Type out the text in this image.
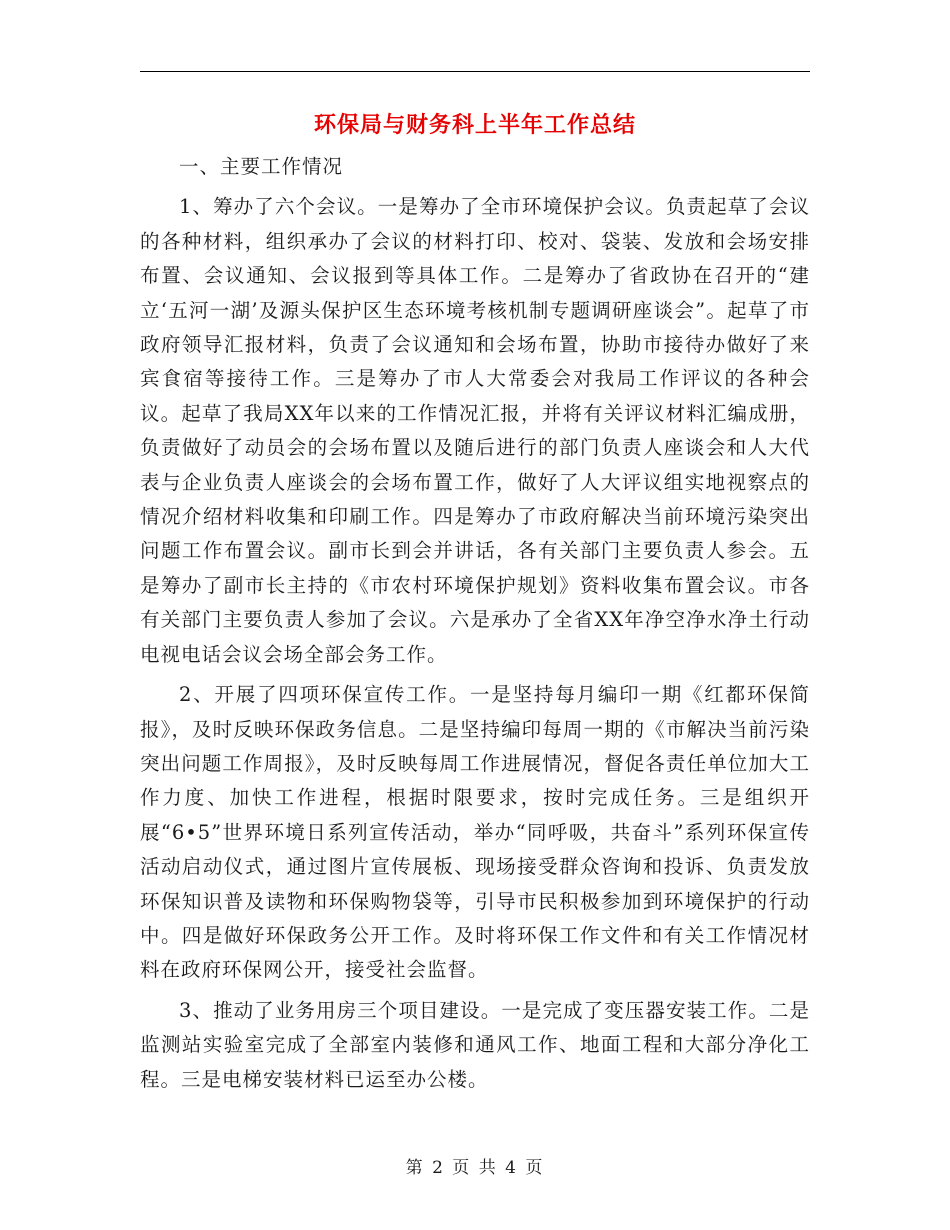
环保局与财务科上半年工作总结

一、主要工作情况

1、筹办了六个会议。一是筹办了全市环境保护会议。负责起草了会议的各种材料，组织承办了会议的材料打印、校对、袋装、发放和会场安排布置、会议通知、会议报到等具体工作。二是筹办了省政协在召开的“建立‘五河一湖’及源头保护区生态环境考核机制专题调研座谈会”。起草了市政府领导汇报材料，负责了会议通知和会场布置，协助市接待办做好了来宾食宿等接待工作。三是筹办了市人大常委会对我局工作评议的各种会议。起草了我局XX年以来的工作情况汇报，并将有关评议材料汇编成册，负责做好了动员会的会场布置以及随后进行的部门负责人座谈会和人大代表与企业负责人座谈会的会场布置工作，做好了人大评议组实地视察点的情况介绍材料收集和印刷工作。四是筹办了市政府解决当前环境污染突出问题工作布置会议。副市长到会并讲话，各有关部门主要负责人参会。五是筹办了副市长主持的《市农村环境保护规划》资料收集布置会议。市各有关部门主要负责人参加了会议。六是承办了全省XX年净空净水净土行动电视电话会议会场全部会务工作。

2、开展了四项环保宣传工作。一是坚持每月编印一期《红都环保简报》，及时反映环保政务信息。二是坚持编印每周一期的《市解决当前污染突出问题工作周报》，及时反映每周工作进展情况，督促各责任单位加大工作力度、加快工作进程，根据时限要求，按时完成任务。三是组织开展“6•5”世界环境日系列宣传活动，举办“同呼吸，共奋斗”系列环保宣传活动启动仪式，通过图片宣传展板、现场接受群众咨询和投诉、负责发放环保知识普及读物和环保购物袋等，引导市民积极参加到环境保护的行动中。四是做好环保政务公开工作。及时将环保工作文件和有关工作情况材料在政府环保网公开，接受社会监督。

3、推动了业务用房三个项目建设。一是完成了变压器安装工作。二是监测站实验室完成了全部室内装修和通风工作、地面工程和大部分净化工程。三是电梯安装材料已运至办公楼。

第 2 页 共 4 页
